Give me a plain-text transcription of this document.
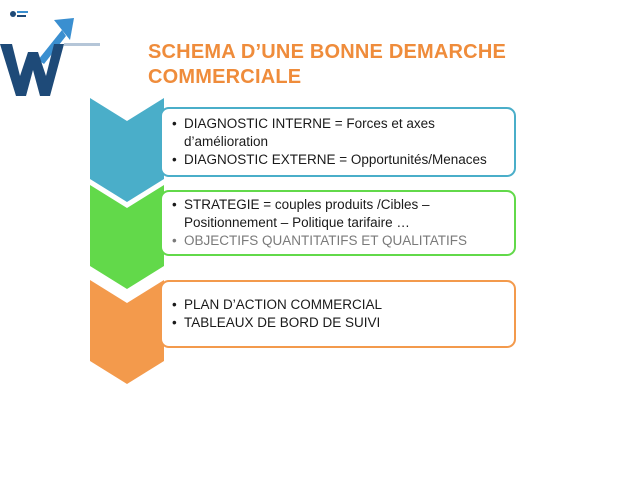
SCHEMA D’UNE BONNE DEMARCHE
COMMERCIALE
• DIAGNOSTIC INTERNE = Forces et axes d’amélioration
• DIAGNOSTIC EXTERNE = Opportunités/Menaces
• STRATEGIE = couples produits /Cibles – Positionnement – Politique tarifaire …
• OBJECTIFS QUANTITATIFS ET QUALITATIFS
• PLAN D’ACTION COMMERCIAL
• TABLEAUX DE BORD DE SUIVI
